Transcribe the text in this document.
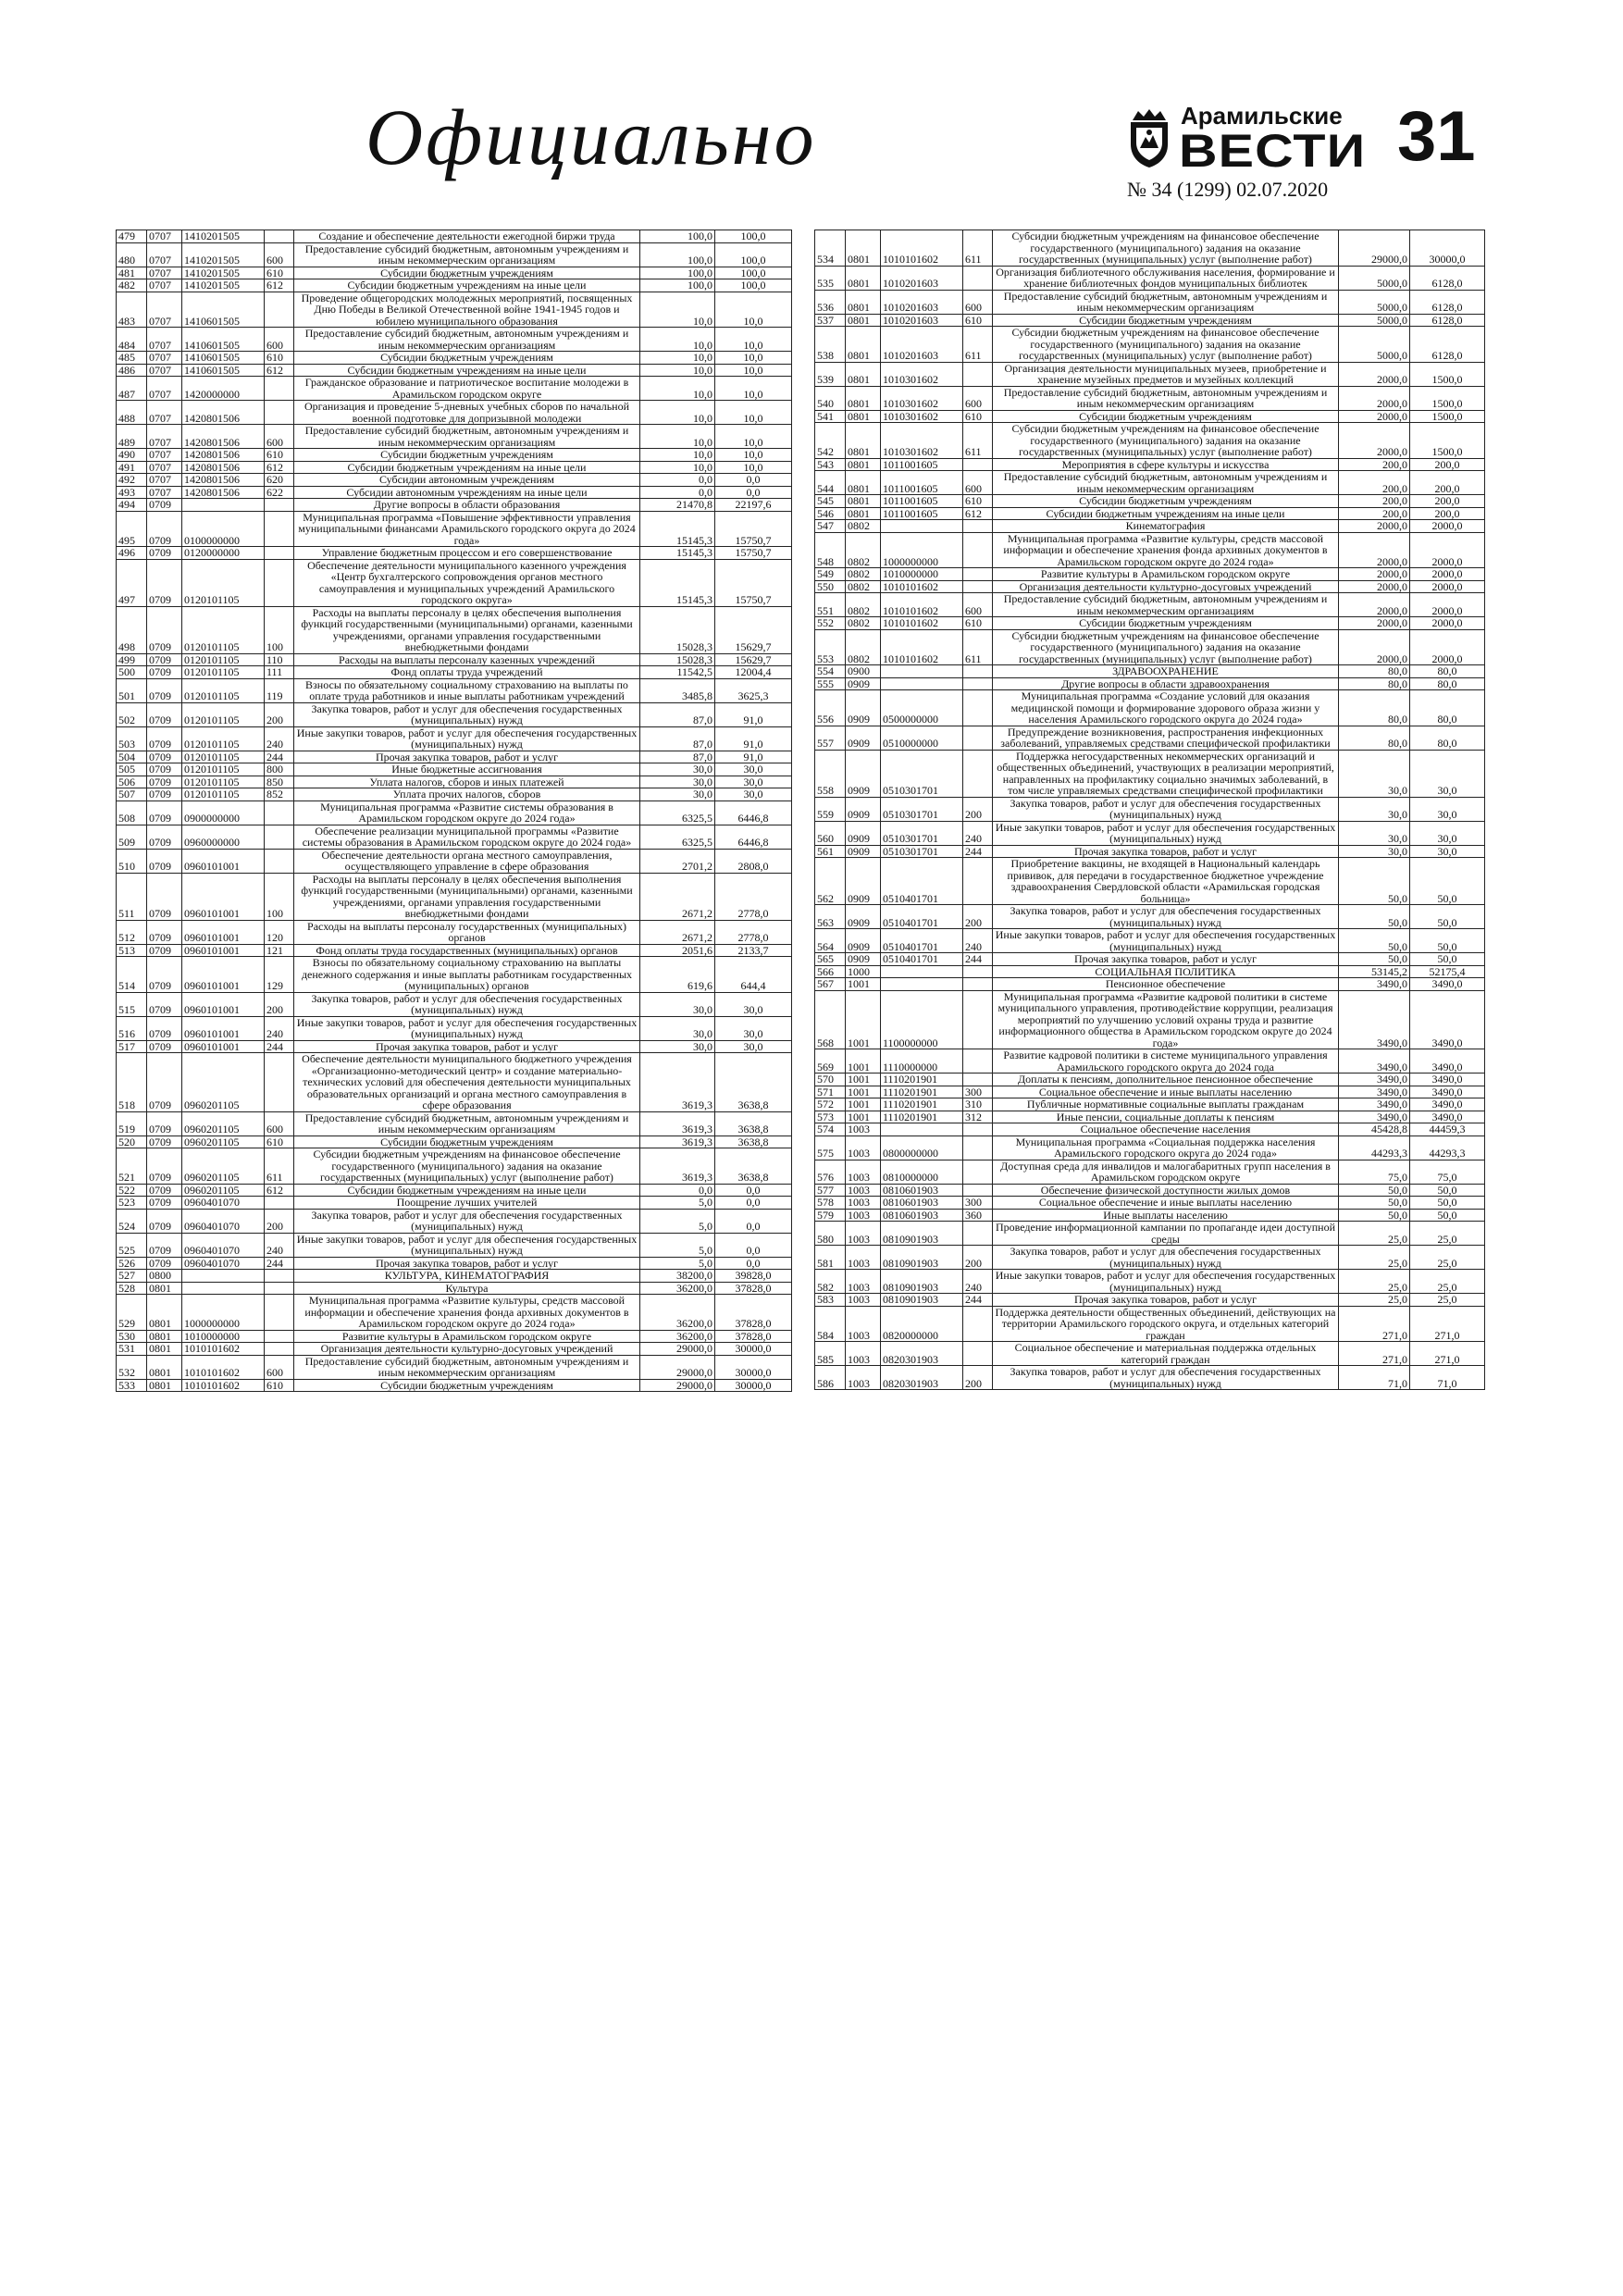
Официально	Арамильские
ВЕСТИ 31
№ 34 (1299) 02.07.2020
479	0707	1410201505		Создание и обеспечение деятельности ежегодной биржи труда	100,0	100,0
480	0707	1410201505	600	Предоставление субсидий бюджетным, автономным учреждениям и иным некоммерческим организациям	100,0	100,0
481	0707	1410201505	610	Субсидии бюджетным учреждениям	100,0	100,0
482	0707	1410201505	612	Субсидии бюджетным учреждениям на иные цели	100,0	100,0
483	0707	1410601505		Проведение общегородских молодежных мероприятий, посвященных Дню Победы в Великой Отечественной войне 1941-1945 годов и юбилею муниципального образования	10,0	10,0
484	0707	1410601505	600	Предоставление субсидий бюджетным, автономным учреждениям и иным некоммерческим организациям	10,0	10,0
485	0707	1410601505	610	Субсидии бюджетным учреждениям	10,0	10,0
486	0707	1410601505	612	Субсидии бюджетным учреждениям на иные цели	10,0	10,0
487	0707	1420000000		Гражданское образование и патриотическое воспитание молодежи в Арамильском городском округе	10,0	10,0
488	0707	1420801506		Организация и проведение 5-дневных учебных сборов по начальной военной подготовке для допризывной молодежи	10,0	10,0
489	0707	1420801506	600	Предоставление субсидий бюджетным, автономным учреждениям и иным некоммерческим организациям	10,0	10,0
490	0707	1420801506	610	Субсидии бюджетным учреждениям	10,0	10,0
491	0707	1420801506	612	Субсидии бюджетным учреждениям на иные цели	10,0	10,0
492	0707	1420801506	620	Субсидии автономным учреждениям	0,0	0,0
493	0707	1420801506	622	Субсидии автономным учреждениям на иные цели	0,0	0,0
494	0709			Другие вопросы в области образования	21470,8	22197,6
495	0709	0100000000		Муниципальная программа «Повышение эффективности управления муниципальными финансами Арамильского городского округа до 2024 года»	15145,3	15750,7
496	0709	0120000000		Управление бюджетным процессом и его совершенствование	15145,3	15750,7
497	0709	0120101105		Обеспечение деятельности муниципального казенного учреждения «Центр бухгалтерского сопровождения органов местного самоуправления и муниципальных учреждений Арамильского городского округа»	15145,3	15750,7
498	0709	0120101105	100	Расходы на выплаты персоналу в целях обеспечения выполнения функций государственными (муниципальными) органами, казенными учреждениями, органами управления государственными внебюджетными фондами	15028,3	15629,7
499	0709	0120101105	110	Расходы на выплаты персоналу казенных учреждений	15028,3	15629,7
500	0709	0120101105	111	Фонд оплаты труда учреждений	11542,5	12004,4
501	0709	0120101105	119	Взносы по обязательному социальному страхованию на выплаты по оплате труда работников и иные выплаты работникам учреждений	3485,8	3625,3
502	0709	0120101105	200	Закупка товаров, работ и услуг для обеспечения государственных (муниципальных) нужд	87,0	91,0
503	0709	0120101105	240	Иные закупки товаров, работ и услуг для обеспечения государственных (муниципальных) нужд	87,0	91,0
504	0709	0120101105	244	Прочая закупка товаров, работ и услуг	87,0	91,0
505	0709	0120101105	800	Иные бюджетные ассигнования	30,0	30,0
506	0709	0120101105	850	Уплата налогов, сборов и иных платежей	30,0	30,0
507	0709	0120101105	852	Уплата прочих налогов, сборов	30,0	30,0
508	0709	0900000000		Муниципальная программа «Развитие системы образования в Арамильском городском округе до 2024 года»	6325,5	6446,8
509	0709	0960000000		Обеспечение реализации муниципальной программы «Развитие системы образования в Арамильском городском округе до 2024 года»	6325,5	6446,8
510	0709	0960101001		Обеспечение деятельности органа местного самоуправления, осуществляющего управление в сфере образования	2701,2	2808,0
511	0709	0960101001	100	Расходы на выплаты персоналу в целях обеспечения выполнения функций государственными (муниципальными) органами, казенными учреждениями, органами управления государственными внебюджетными фондами	2671,2	2778,0
512	0709	0960101001	120	Расходы на выплаты персоналу государственных (муниципальных) органов	2671,2	2778,0
513	0709	0960101001	121	Фонд оплаты труда государственных (муниципальных) органов	2051,6	2133,7
514	0709	0960101001	129	Взносы по обязательному социальному страхованию на выплаты денежного содержания и иные выплаты работникам государственных (муниципальных) органов	619,6	644,4
515	0709	0960101001	200	Закупка товаров, работ и услуг для обеспечения государственных (муниципальных) нужд	30,0	30,0
516	0709	0960101001	240	Иные закупки товаров, работ и услуг для обеспечения государственных (муниципальных) нужд	30,0	30,0
517	0709	0960101001	244	Прочая закупка товаров, работ и услуг	30,0	30,0
518	0709	0960201105		Обеспечение деятельности муниципального бюджетного учреждения «Организационно-методический центр» и создание материально-технических условий для обеспечения деятельности муниципальных образовательных организаций и органа местного самоуправления в сфере образования	3619,3	3638,8
519	0709	0960201105	600	Предоставление субсидий бюджетным, автономным учреждениям и иным некоммерческим организациям	3619,3	3638,8
520	0709	0960201105	610	Субсидии бюджетным учреждениям	3619,3	3638,8
521	0709	0960201105	611	Субсидии бюджетным учреждениям на финансовое обеспечение государственного (муниципального) задания на оказание государственных (муниципальных) услуг (выполнение работ)	3619,3	3638,8
522	0709	0960201105	612	Субсидии бюджетным учреждениям на иные цели	0,0	0,0
523	0709	0960401070		Поощрение лучших учителей	5,0	0,0
524	0709	0960401070	200	Закупка товаров, работ и услуг для обеспечения государственных (муниципальных) нужд	5,0	0,0
525	0709	0960401070	240	Иные закупки товаров, работ и услуг для обеспечения государственных (муниципальных) нужд	5,0	0,0
526	0709	0960401070	244	Прочая закупка товаров, работ и услуг	5,0	0,0
527	0800			КУЛЬТУРА, КИНЕМАТОГРАФИЯ	38200,0	39828,0
528	0801			Культура	36200,0	37828,0
529	0801	1000000000		Муниципальная программа «Развитие культуры, средств массовой информации и обеспечение хранения фонда архивных документов в Арамильском городском округе до 2024 года»	36200,0	37828,0
530	0801	1010000000		Развитие культуры в Арамильском городском округе	36200,0	37828,0
531	0801	1010101602		Организация деятельности культурно-досуговых учреждений	29000,0	30000,0
532	0801	1010101602	600	Предоставление субсидий бюджетным, автономным учреждениям и иным некоммерческим организациям	29000,0	30000,0
533	0801	1010101602	610	Субсидии бюджетным учреждениям	29000,0	30000,0
534	0801	1010101602	611	Субсидии бюджетным учреждениям на финансовое обеспечение государственного (муниципального) задания на оказание государственных (муниципальных) услуг (выполнение работ)	29000,0	30000,0
535	0801	1010201603		Организация библиотечного обслуживания населения, формирование и хранение библиотечных фондов муниципальных библиотек	5000,0	6128,0
536	0801	1010201603	600	Предоставление субсидий бюджетным, автономным учреждениям и иным некоммерческим организациям	5000,0	6128,0
537	0801	1010201603	610	Субсидии бюджетным учреждениям	5000,0	6128,0
538	0801	1010201603	611	Субсидии бюджетным учреждениям на финансовое обеспечение государственного (муниципального) задания на оказание государственных (муниципальных) услуг (выполнение работ)	5000,0	6128,0
539	0801	1010301602		Организация деятельности муниципальных музеев, приобретение и хранение музейных предметов и музейных коллекций	2000,0	1500,0
540	0801	1010301602	600	Предоставление субсидий бюджетным, автономным учреждениям и иным некоммерческим организациям	2000,0	1500,0
541	0801	1010301602	610	Субсидии бюджетным учреждениям	2000,0	1500,0
542	0801	1010301602	611	Субсидии бюджетным учреждениям на финансовое обеспечение государственного (муниципального) задания на оказание государственных (муниципальных) услуг (выполнение работ)	2000,0	1500,0
543	0801	1011001605		Мероприятия в сфере культуры и искусства	200,0	200,0
544	0801	1011001605	600	Предоставление субсидий бюджетным, автономным учреждениям и иным некоммерческим организациям	200,0	200,0
545	0801	1011001605	610	Субсидии бюджетным учреждениям	200,0	200,0
546	0801	1011001605	612	Субсидии бюджетным учреждениям на иные цели	200,0	200,0
547	0802			Кинематография	2000,0	2000,0
548	0802	1000000000		Муниципальная программа «Развитие культуры, средств массовой информации и обеспечение хранения фонда архивных документов в Арамильском городском округе до 2024 года»	2000,0	2000,0
549	0802	1010000000		Развитие культуры в Арамильском городском округе	2000,0	2000,0
550	0802	1010101602		Организация деятельности культурно-досуговых учреждений	2000,0	2000,0
551	0802	1010101602	600	Предоставление субсидий бюджетным, автономным учреждениям и иным некоммерческим организациям	2000,0	2000,0
552	0802	1010101602	610	Субсидии бюджетным учреждениям	2000,0	2000,0
553	0802	1010101602	611	Субсидии бюджетным учреждениям на финансовое обеспечение государственного (муниципального) задания на оказание государственных (муниципальных) услуг (выполнение работ)	2000,0	2000,0
554	0900			ЗДРАВООХРАНЕНИЕ	80,0	80,0
555	0909			Другие вопросы в области здравоохранения	80,0	80,0
556	0909	0500000000		Муниципальная программа «Создание условий для оказания медицинской помощи и формирование здорового образа жизни у населения Арамильского городского округа до 2024 года»	80,0	80,0
557	0909	0510000000		Предупреждение возникновения, распространения инфекционных заболеваний, управляемых средствами специфической профилактики	80,0	80,0
558	0909	0510301701		Поддержка негосударственных некоммерческих организаций и общественных объединений, участвующих в реализации мероприятий, направленных на профилактику социально значимых заболеваний, в том числе управляемых средствами специфической профилактики	30,0	30,0
559	0909	0510301701	200	Закупка товаров, работ и услуг для обеспечения государственных (муниципальных) нужд	30,0	30,0
560	0909	0510301701	240	Иные закупки товаров, работ и услуг для обеспечения государственных (муниципальных) нужд	30,0	30,0
561	0909	0510301701	244	Прочая закупка товаров, работ и услуг	30,0	30,0
562	0909	0510401701		Приобретение вакцины, не входящей в Национальный календарь прививок, для передачи в государственное бюджетное учреждение здравоохранения Свердловской области «Арамильская городская больница»	50,0	50,0
563	0909	0510401701	200	Закупка товаров, работ и услуг для обеспечения государственных (муниципальных) нужд	50,0	50,0
564	0909	0510401701	240	Иные закупки товаров, работ и услуг для обеспечения государственных (муниципальных) нужд	50,0	50,0
565	0909	0510401701	244	Прочая закупка товаров, работ и услуг	50,0	50,0
566	1000			СОЦИАЛЬНАЯ ПОЛИТИКА	53145,2	52175,4
567	1001			Пенсионное обеспечение	3490,0	3490,0
568	1001	1100000000		Муниципальная программа «Развитие кадровой политики в системе муниципального управления, противодействие коррупции, реализация мероприятий по улучшению условий охраны труда и развитие информационного общества в Арамильском городском округе до 2024 года»	3490,0	3490,0
569	1001	1110000000		Развитие кадровой политики в системе муниципального управления Арамильского городского округа до 2024 года	3490,0	3490,0
570	1001	1110201901		Доплаты к пенсиям, дополнительное пенсионное обеспечение	3490,0	3490,0
571	1001	1110201901	300	Социальное обеспечение и иные выплаты населению	3490,0	3490,0
572	1001	1110201901	310	Публичные нормативные социальные выплаты гражданам	3490,0	3490,0
573	1001	1110201901	312	Иные пенсии, социальные доплаты к пенсиям	3490,0	3490,0
574	1003			Социальное обеспечение населения	45428,8	44459,3
575	1003	0800000000		Муниципальная программа «Социальная поддержка населения Арамильского городского округа до 2024 года»	44293,3	44293,3
576	1003	0810000000		Доступная среда для инвалидов и малогабаритных групп населения в Арамильском городском округе	75,0	75,0
577	1003	0810601903		Обеспечение физической доступности жилых домов	50,0	50,0
578	1003	0810601903	300	Социальное обеспечение и иные выплаты населению	50,0	50,0
579	1003	0810601903	360	Иные выплаты населению	50,0	50,0
580	1003	0810901903		Проведение информационной кампании по пропаганде идеи доступной среды	25,0	25,0
581	1003	0810901903	200	Закупка товаров, работ и услуг для обеспечения государственных (муниципальных) нужд	25,0	25,0
582	1003	0810901903	240	Иные закупки товаров, работ и услуг для обеспечения государственных (муниципальных) нужд	25,0	25,0
583	1003	0810901903	244	Прочая закупка товаров, работ и услуг	25,0	25,0
584	1003	0820000000		Поддержка деятельности общественных объединений, действующих на территории Арамильского городского округа, и отдельных категорий граждан	271,0	271,0
585	1003	0820301903		Социальное обеспечение и материальная поддержка отдельных категорий граждан	271,0	271,0
586	1003	0820301903	200	Закупка товаров, работ и услуг для обеспечения государственных (муниципальных) нужд	71,0	71,0
